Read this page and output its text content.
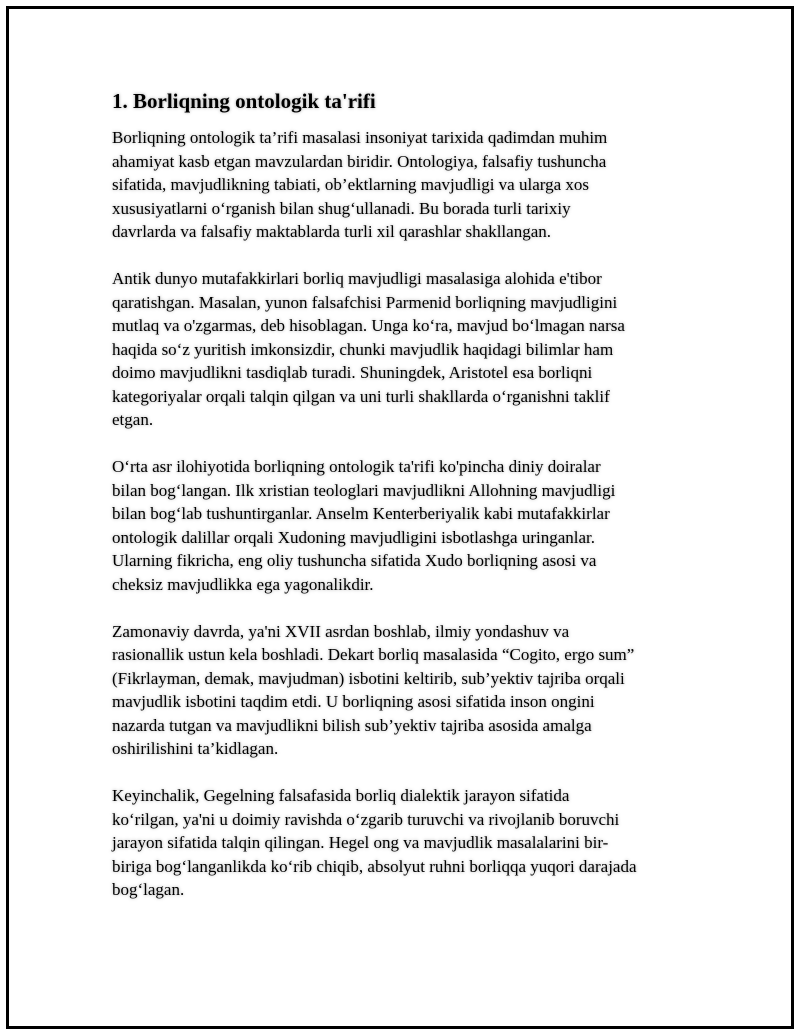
1. Borliqning ontologik ta'rifi

Borliqning ontologik ta’rifi masalasi insoniyat tarixida qadimdan muhim
ahamiyat kasb etgan mavzulardan biridir. Ontologiya, falsafiy tushuncha
sifatida, mavjudlikning tabiati, ob’ektlarning mavjudligi va ularga xos
xususiyatlarni o‘rganish bilan shug‘ullanadi. Bu borada turli tarixiy
davrlarda va falsafiy maktablarda turli xil qarashlar shakllangan.

Antik dunyo mutafakkirlari borliq mavjudligi masalasiga alohida e'tibor
qaratishgan. Masalan, yunon falsafchisi Parmenid borliqning mavjudligini
mutlaq va o'zgarmas, deb hisoblagan. Unga ko‘ra, mavjud bo‘lmagan narsa
haqida so‘z yuritish imkonsizdir, chunki mavjudlik haqidagi bilimlar ham
doimo mavjudlikni tasdiqlab turadi. Shuningdek, Aristotel esa borliqni
kategoriyalar orqali talqin qilgan va uni turli shakllarda o‘rganishni taklif
etgan.

O‘rta asr ilohiyotida borliqning ontologik ta'rifi ko'pincha diniy doiralar
bilan bog‘langan. Ilk xristian teologlari mavjudlikni Allohning mavjudligi
bilan bog‘lab tushuntirganlar. Anselm Kenterberiyalik kabi mutafakkirlar
ontologik dalillar orqali Xudoning mavjudligini isbotlashga uringanlar.
Ularning fikricha, eng oliy tushuncha sifatida Xudo borliqning asosi va
cheksiz mavjudlikka ega yagonalikdir.

Zamonaviy davrda, ya'ni XVII asrdan boshlab, ilmiy yondashuv va
rasionallik ustun kela boshladi. Dekart borliq masalasida “Cogito, ergo sum”
(Fikrlayman, demak, mavjudman) isbotini keltirib, sub’yektiv tajriba orqali
mavjudlik isbotini taqdim etdi. U borliqning asosi sifatida inson ongini
nazarda tutgan va mavjudlikni bilish sub’yektiv tajriba asosida amalga
oshirilishini ta’kidlagan.

Keyinchalik, Gegelning falsafasida borliq dialektik jarayon sifatida
ko‘rilgan, ya'ni u doimiy ravishda o‘zgarib turuvchi va rivojlanib boruvchi
jarayon sifatida talqin qilingan. Hegel ong va mavjudlik masalalarini bir-
biriga bog‘langanlikda ko‘rib chiqib, absolyut ruhni borliqqa yuqori darajada
bog‘lagan.
